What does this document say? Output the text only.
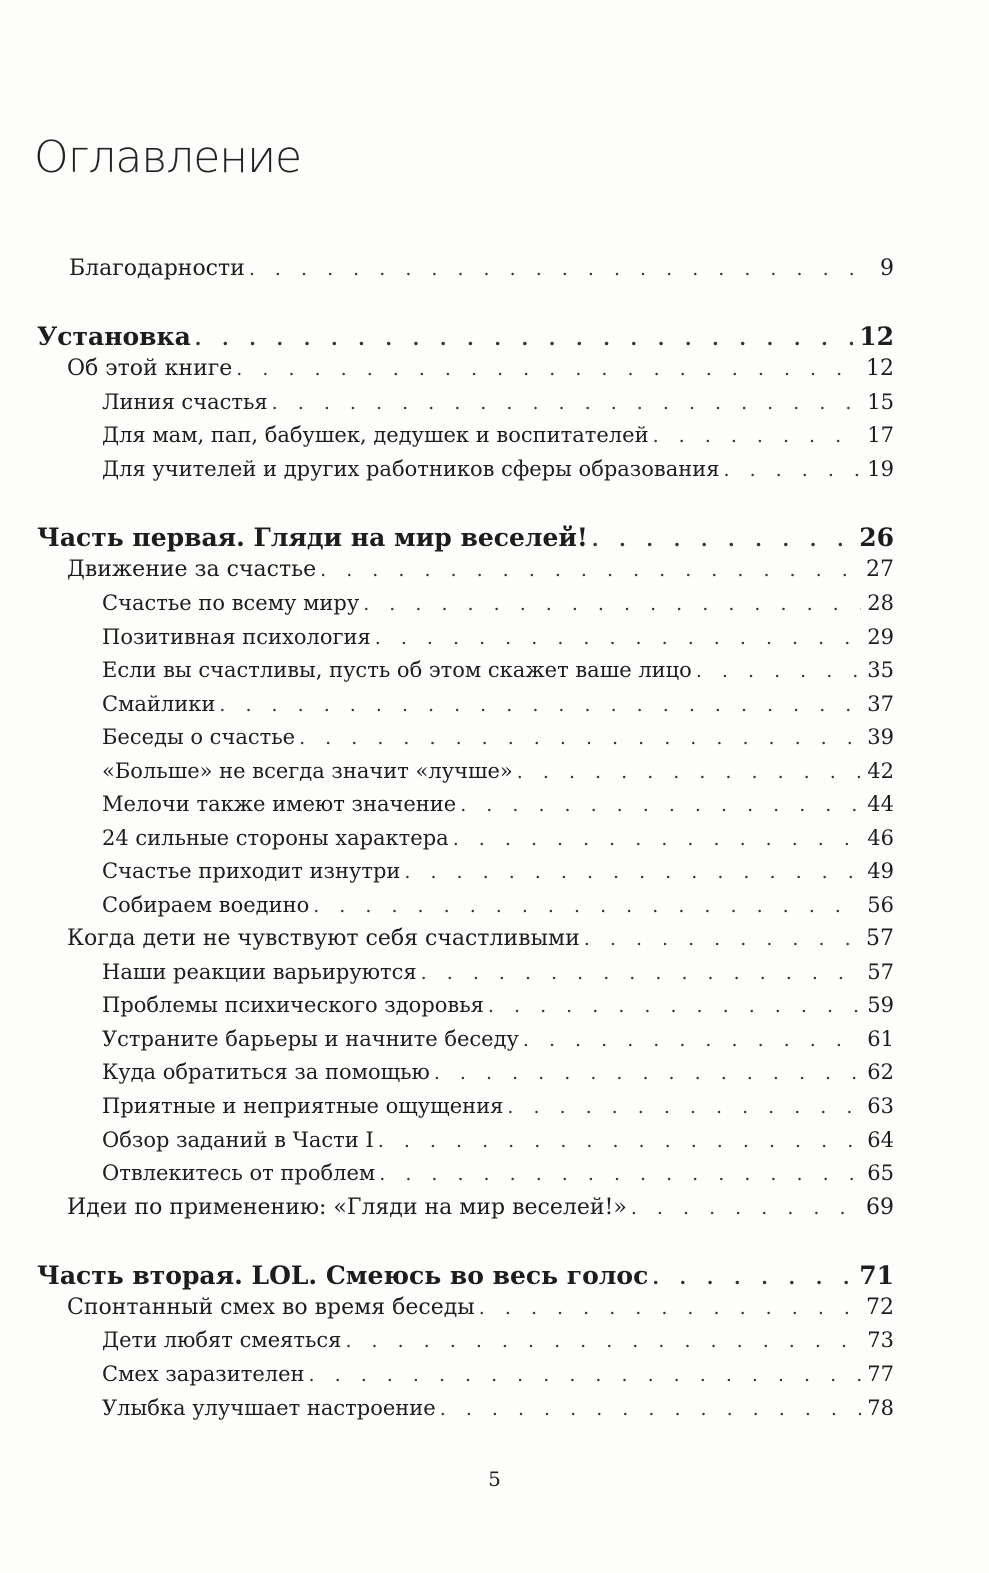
Оглавление
Благодарности . . .	9
Установка . . .	12
Об этой книге . . .	12
Линия счастья . . .	15
Для мам, пап, бабушек, дедушек и воспитателей . . .	17
Для учителей и других работников сферы образования . . .	19
Часть первая. Гляди на мир веселей! . . .	26
Движение за счастье . . .	27
Счастье по всему миру . . .	28
Позитивная психология . . .	29
Если вы счастливы, пусть об этом скажет ваше лицо . . .	35
Смайлики . . .	37
Беседы о счастье . . .	39
«Больше» не всегда значит «лучше» . . .	42
Мелочи также имеют значение . . .	44
24 сильные стороны характера . . .	46
Счастье приходит изнутри . . .	49
Собираем воедино . . .	56
Когда дети не чувствуют себя счастливыми . . .	57
Наши реакции варьируются . . .	57
Проблемы психического здоровья . . .	59
Устраните барьеры и начните беседу . . .	61
Куда обратиться за помощью . . .	62
Приятные и неприятные ощущения . . .	63
Обзор заданий в Части I . . .	64
Отвлекитесь от проблем . . .	65
Идеи по применению: «Гляди на мир веселей!» . . .	69
Часть вторая. LOL. Смеюсь во весь голос . . .	71
Спонтанный смех во время беседы . . .	72
Дети любят смеяться . . .	73
Смех заразителен . . .	77
Улыбка улучшает настроение . . .	78
5
